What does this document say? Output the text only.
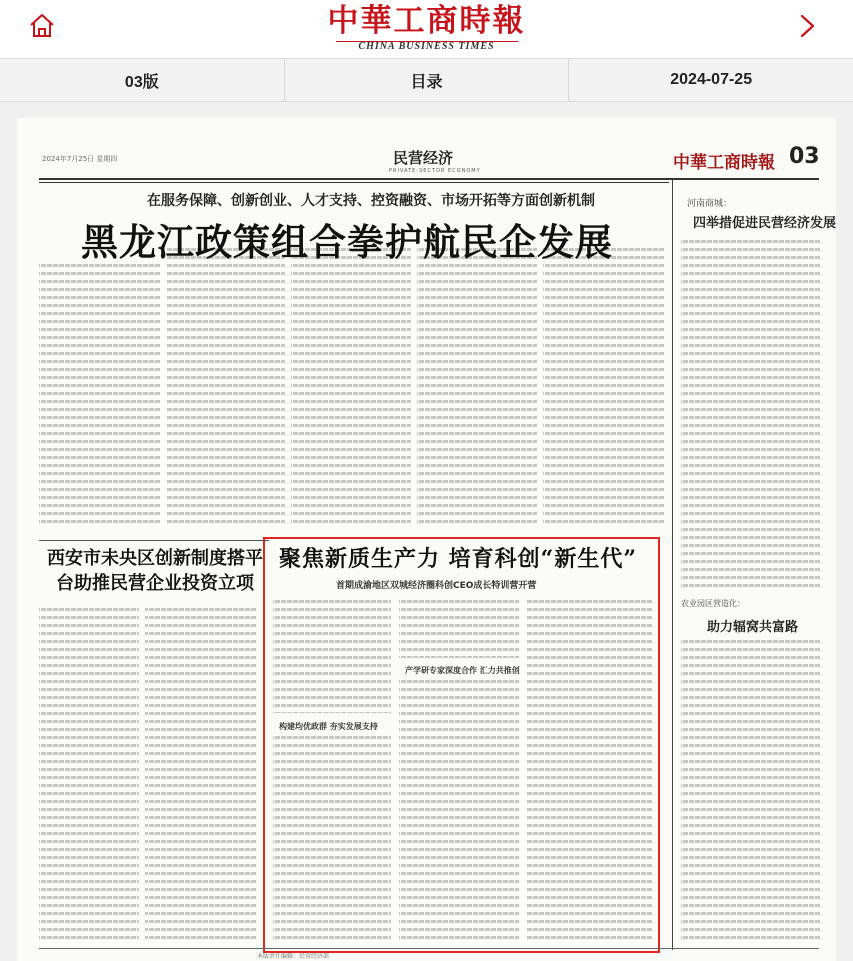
中華工商時報
CHINA BUSINESS TIMES
03版	目录	2024-07-25
2024年7月25日 星期四	民营经济
PRIVATE-SECTOR ECONOMY	中華工商時報 03
在服务保障、创新创业、人才支持、控资融资、市场开拓等方面创新机制
黑龙江政策组合拳护航民企发展
河南商城：
四举措促进民营经济发展
农业园区营造化：
助力辐窝共富路
西安市未央区创新制度搭平台助推民营企业投资立项
聚焦新质生产力 培育科创“新生代”
首期成渝地区双城经济圈科创CEO成长特训营开营
构建均优政群 夯实发展支持
产学研专家深度合作 汇力共推创
本版责任编辑：民营经济部
